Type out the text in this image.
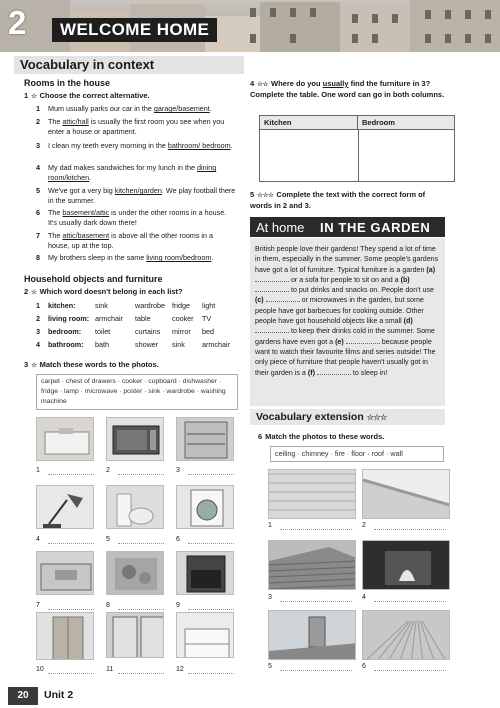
2	WELCOME HOME
Vocabulary in context
Rooms in the house
1 ☆ Choose the correct alternative.
1 Mum usually parks our car in the garage/basement.
2 The attic/hall is usually the first room you see when you enter a house or apartment.
3 I clean my teeth every morning in the bathroom/ bedroom.
4 My dad makes sandwiches for my lunch in the dining room/kitchen.
5 We've got a very big kitchen/garden. We play football there in the summer.
6 The basement/attic is under the other rooms in a house. It's usually dark down there!
7 The attic/basement is above all the other rooms in a house, up at the top.
8 My brothers sleep in the same living room/bedroom.
Household objects and furniture
2 ☆ Which word doesn't belong in each list?
1 kitchen:	sink	wardrobe fridge light
2 living room: armchair table	cooker TV
3 bedroom: toilet	curtains mirror bed
4 bathroom: bath	shower sink armchair
3 ☆ Match these words to the photos.
carpet · chest of drawers · cooker · cupboard · dishwasher · fridge · lamp · microwave · poster · sink · wardrobe · washing machine
1	2	3
4	5	6
7	8	9
10	11	12
4 ☆☆ Where do you usually find the furniture in 3? Complete the table. One word can go in both columns.
Kitchen	Bedroom
5 ☆☆☆ Complete the text with the correct form of words in 2 and 3.
At home IN THE GARDEN
British people love their gardens! They spend a lot of time in them, especially in the summer. Some people's gardens have got a lot of furniture. Typical furniture is a garden (a)  or a sofa for people to sit on and a (b)  to put drinks and snacks on. People don't use (c)	or microwaves in the garden, but some people have got barbecues for cooking outside. Other people have got household objects like a small (d)  to keep their drinks cold in the summer. Some gardens have even got a (e)	because people want to watch their favourite films and series outside! The only piece of furniture that people haven't usually got in their garden is a (f)	to sleep in!
Vocabulary extension ☆☆☆
6 Match the photos to these words.
ceiling · chimney · fire · floor · roof · wall
1	2
3	4
5	6
20	Unit 2
